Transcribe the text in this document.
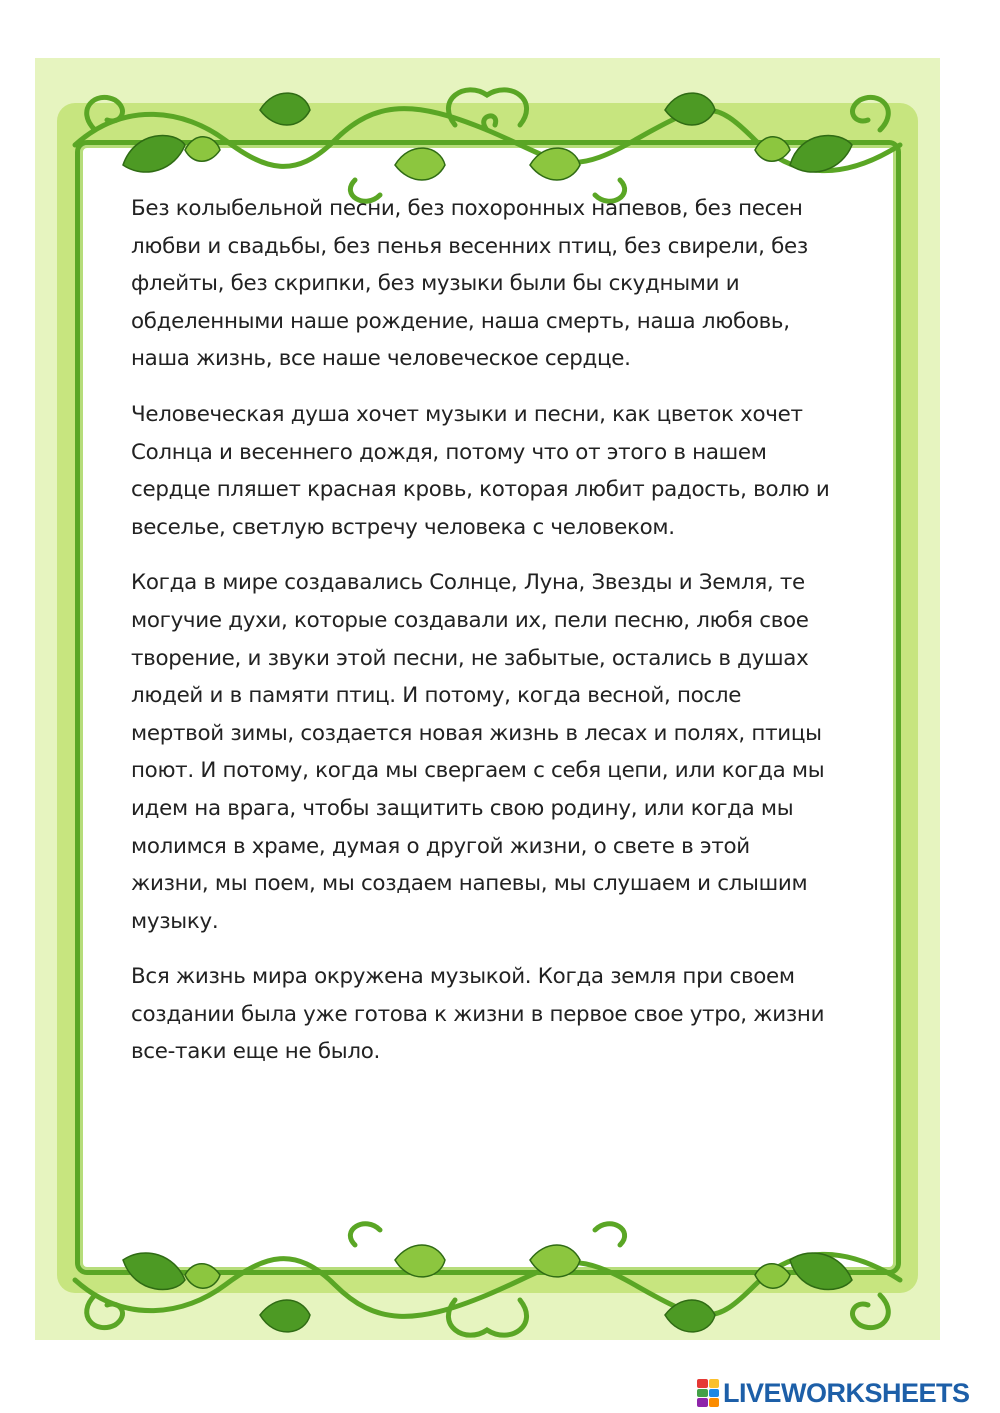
Без колыбельной песни, без похоронных напевов, без песен
любви и свадьбы, без пенья весенних птиц, без свирели, без
флейты, без скрипки, без музыки были бы скудными и
обделенными наше рождение, наша смерть, наша любовь,
наша жизнь, все наше человеческое сердце.

Человеческая душа хочет музыки и песни, как цветок хочет
Солнца и весеннего дождя, потому что от этого в нашем
сердце пляшет красная кровь, которая любит радость, волю и
веселье, светлую встречу человека с человеком.

Когда в мире создавались Солнце, Луна, Звезды и Земля, те
могучие духи, которые создавали их, пели песню, любя свое
творение, и звуки этой песни, не забытые, остались в душах
людей и в памяти птиц. И потому, когда весной, после
мертвой зимы, создается новая жизнь в лесах и полях, птицы
поют. И потому, когда мы свергаем с себя цепи, или когда мы
идем на врага, чтобы защитить свою родину, или когда мы
молимся в храме, думая о другой жизни, о свете в этой
жизни, мы поем, мы создаем напевы, мы слушаем и слышим
музыку.

Вся жизнь мира окружена музыкой. Когда земля при своем
создании была уже готова к жизни в первое свое утро, жизни
все-таки еще не было.

LIVEWORKSHEETS
